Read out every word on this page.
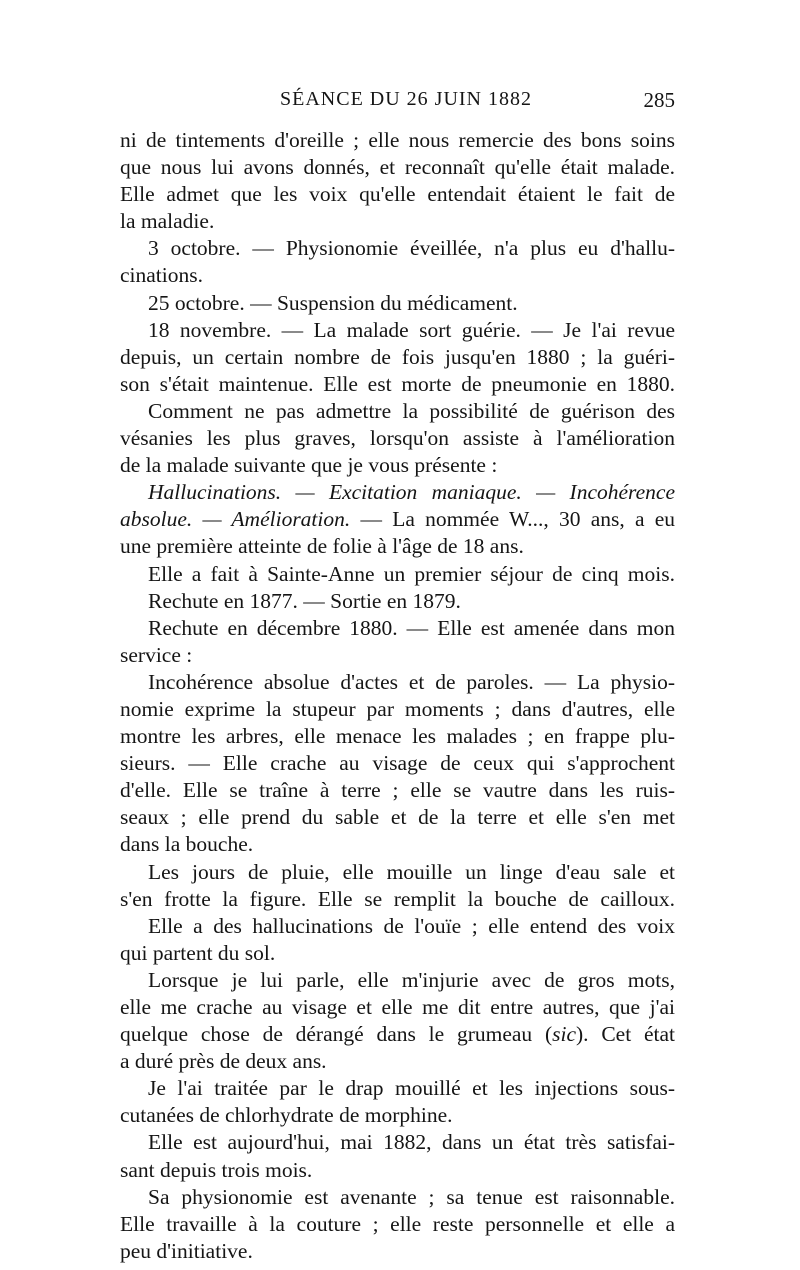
SÉANCE DU 26 JUIN 1882	285
ni de tintements d'oreille ; elle nous remercie des bons soins
que nous lui avons donnés, et reconnaît qu'elle était malade.
Elle admet que les voix qu'elle entendait étaient le fait de
la maladie.
3 octobre. — Physionomie éveillée, n'a plus eu d'hallu-
cinations.
25 octobre. — Suspension du médicament.
18 novembre. — La malade sort guérie. — Je l'ai revue
depuis, un certain nombre de fois jusqu'en 1880 ; la guéri-
son s'était maintenue. Elle est morte de pneumonie en 1880.
Comment ne pas admettre la possibilité de guérison des
vésanies les plus graves, lorsqu'on assiste à l'amélioration
de la malade suivante que je vous présente :
Hallucinations. — Excitation maniaque. — Incohérence
absolue. — Amélioration. — La nommée W..., 30 ans, a eu
une première atteinte de folie à l'âge de 18 ans.
Elle a fait à Sainte-Anne un premier séjour de cinq mois.
Rechute en 1877. — Sortie en 1879.
Rechute en décembre 1880. — Elle est amenée dans mon
service :
Incohérence absolue d'actes et de paroles. — La physio-
nomie exprime la stupeur par moments ; dans d'autres, elle
montre les arbres, elle menace les malades ; en frappe plu-
sieurs. — Elle crache au visage de ceux qui s'approchent
d'elle. Elle se traîne à terre ; elle se vautre dans les ruis-
seaux ; elle prend du sable et de la terre et elle s'en met
dans la bouche.
Les jours de pluie, elle mouille un linge d'eau sale et
s'en frotte la figure. Elle se remplit la bouche de cailloux.
Elle a des hallucinations de l'ouïe ; elle entend des voix
qui partent du sol.
Lorsque je lui parle, elle m'injurie avec de gros mots,
elle me crache au visage et elle me dit entre autres, que j'ai
quelque chose de dérangé dans le grumeau (sic). Cet état
a duré près de deux ans.
Je l'ai traitée par le drap mouillé et les injections sous-
cutanées de chlorhydrate de morphine.
Elle est aujourd'hui, mai 1882, dans un état très satisfai-
sant depuis trois mois.
Sa physionomie est avenante ; sa tenue est raisonnable.
Elle travaille à la couture ; elle reste personnelle et elle a
peu d'initiative.
